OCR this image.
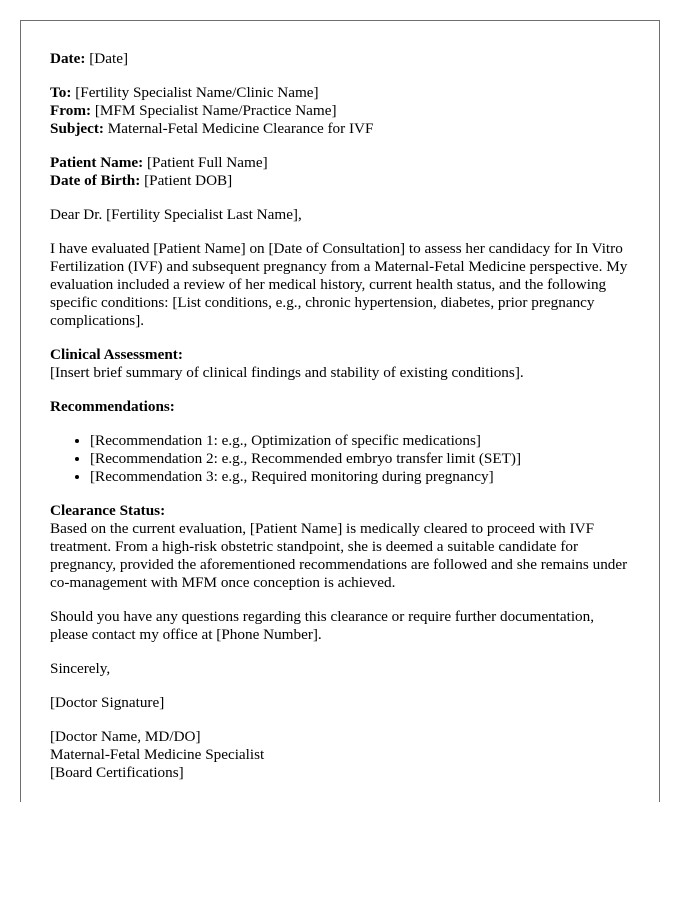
Date: [Date]

To: [Fertility Specialist Name/Clinic Name]
From: [MFM Specialist Name/Practice Name]
Subject: Maternal-Fetal Medicine Clearance for IVF
Patient Name: [Patient Full Name]
Date of Birth: [Patient DOB]

Dear Dr. [Fertility Specialist Last Name],

I have evaluated [Patient Name] on [Date of Consultation] to assess her candidacy for In Vitro Fertilization (IVF) and subsequent pregnancy from a Maternal-Fetal Medicine perspective. My evaluation included a review of her medical history, current health status, and the following specific conditions: [List conditions, e.g., chronic hypertension, diabetes, prior pregnancy complications].

Clinical Assessment:
[Insert brief summary of clinical findings and stability of existing conditions].

Recommendations:

• [Recommendation 1: e.g., Optimization of specific medications]
• [Recommendation 2: e.g., Recommended embryo transfer limit (SET)]
• [Recommendation 3: e.g., Required monitoring during pregnancy]
Clearance Status:
Based on the current evaluation, [Patient Name] is medically cleared to proceed with IVF treatment. From a high-risk obstetric standpoint, she is deemed a suitable candidate for pregnancy, provided the aforementioned recommendations are followed and she remains under co-management with MFM once conception is achieved.

Should you have any questions regarding this clearance or require further documentation, please contact my office at [Phone Number].

Sincerely,

[Doctor Signature]

[Doctor Name, MD/DO]
Maternal-Fetal Medicine Specialist
[Board Certifications]
